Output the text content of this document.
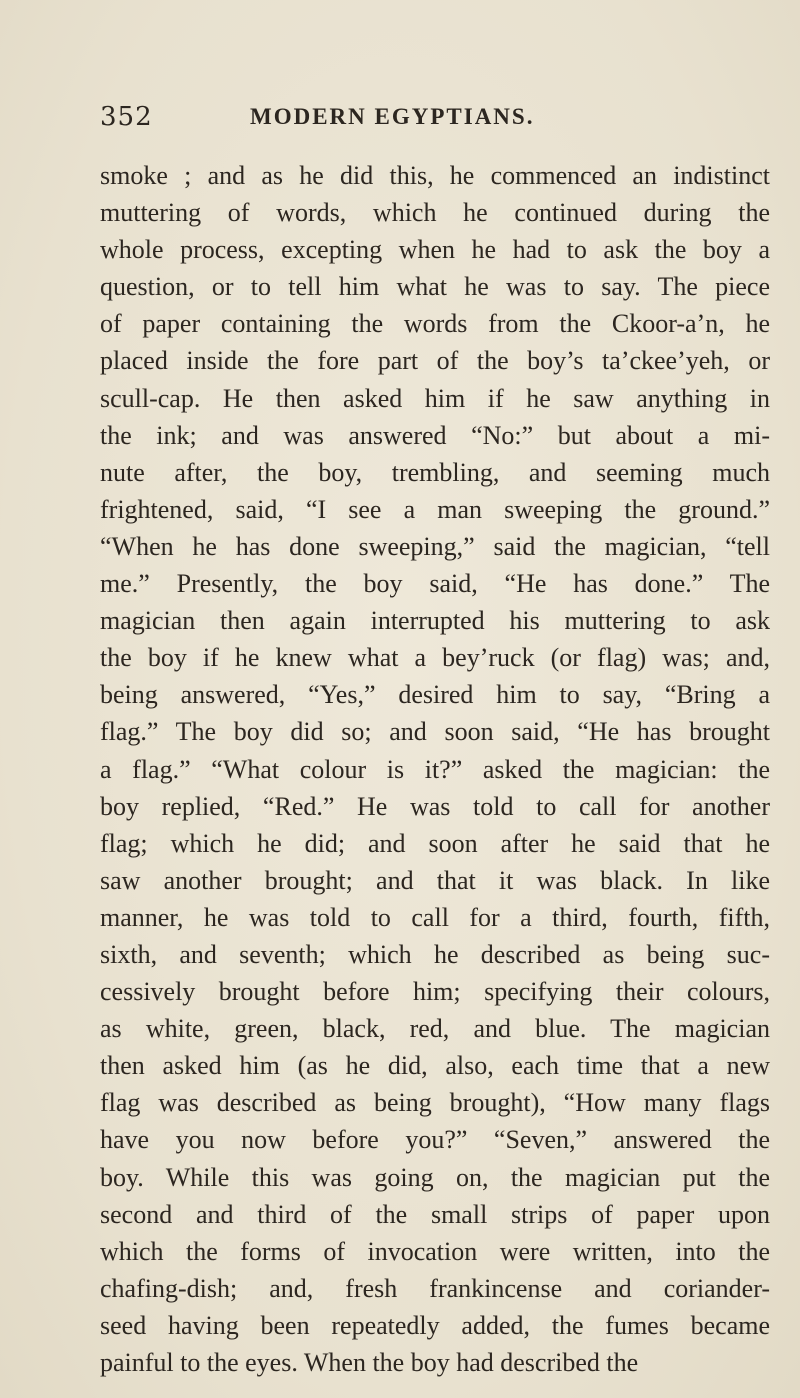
352	MODERN EGYPTIANS.
smoke ; and as he did this, he commenced an indistinct
muttering of words, which he continued during the
whole process, excepting when he had to ask the boy a
question, or to tell him what he was to say. The piece
of paper containing the words from the Ckoor-a’n, he
placed inside the fore part of the boy’s ta’ckee’yeh, or
scull-cap. He then asked him if he saw anything in
the ink; and was answered “No:” but about a mi-
nute after, the boy, trembling, and seeming much
frightened, said, “I see a man sweeping the ground.”
“When he has done sweeping,” said the magician, “tell
me.” Presently, the boy said, “He has done.” The
magician then again interrupted his muttering to ask
the boy if he knew what a bey’ruck (or flag) was; and,
being answered, “Yes,” desired him to say, “Bring a
flag.” The boy did so; and soon said, “He has brought
a flag.” “What colour is it?” asked the magician: the
boy replied, “Red.” He was told to call for another
flag; which he did; and soon after he said that he
saw another brought; and that it was black. In like
manner, he was told to call for a third, fourth, fifth,
sixth, and seventh; which he described as being suc-
cessively brought before him; specifying their colours,
as white, green, black, red, and blue. The magician
then asked him (as he did, also, each time that a new
flag was described as being brought), “How many flags
have you now before you?” “Seven,” answered the
boy. While this was going on, the magician put the
second and third of the small strips of paper upon
which the forms of invocation were written, into the
chafing-dish; and, fresh frankincense and coriander-
seed having been repeatedly added, the fumes became
painful to the eyes. When the boy had described the
